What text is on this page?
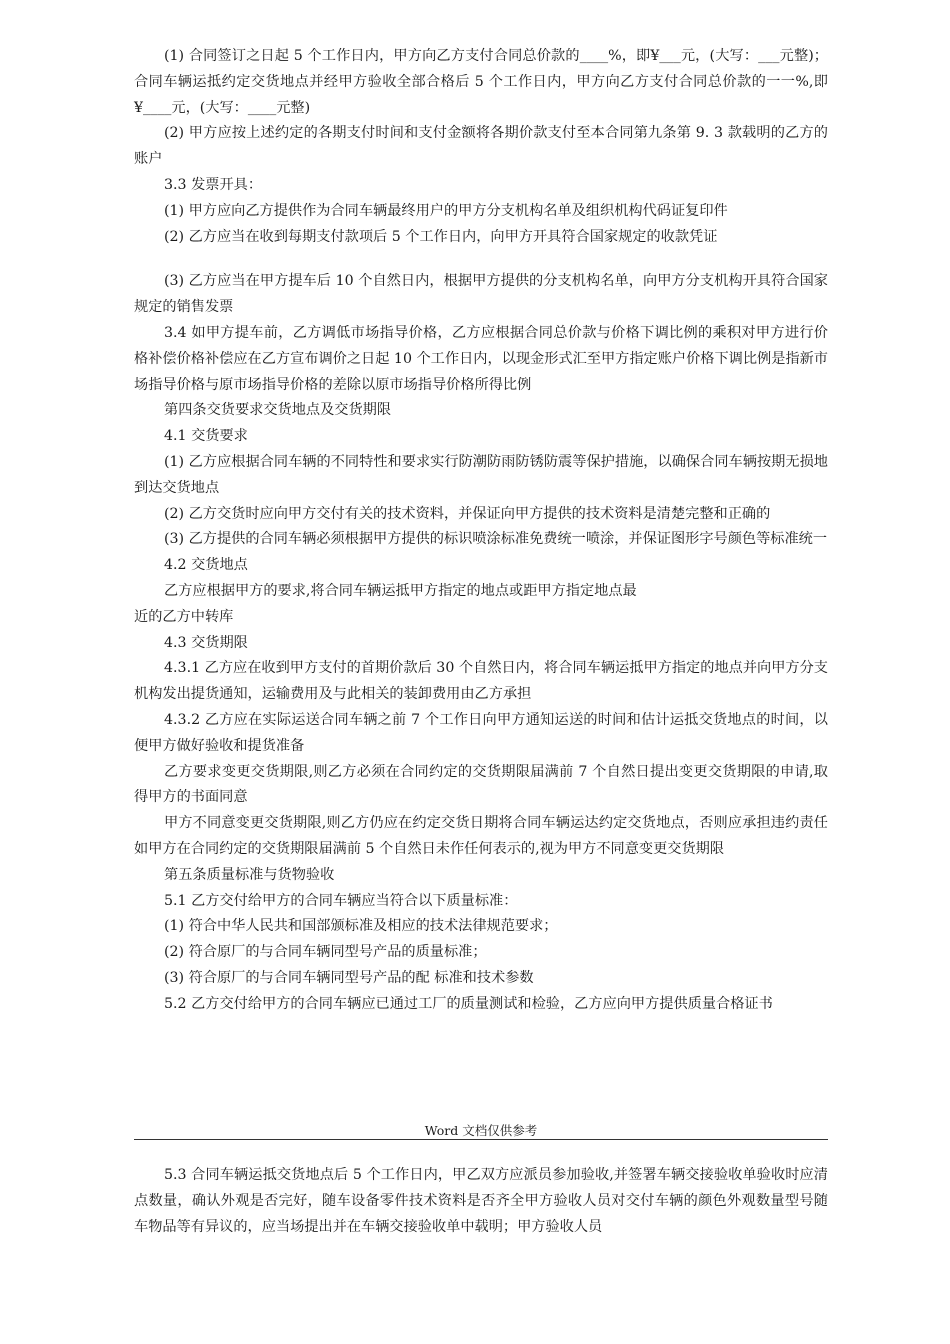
(1) 合同签订之日起 5 个工作日内，甲方向乙方支付合同总价款的____%，即¥___元，(大写：___元整)；合同车辆运抵约定交货地点并经甲方验收全部合格后 5 个工作日内，甲方向乙方支付合同总价款的一一%,即¥____元，(大写：____元整)

(2) 甲方应按上述约定的各期支付时间和支付金额将各期价款支付至本合同第九条第 9. 3 款载明的乙方的账户

3.3 发票开具：

(1) 甲方应向乙方提供作为合同车辆最终用户的甲方分支机构名单及组织机构代码证复印件

(2) 乙方应当在收到每期支付款项后 5 个工作日内，向甲方开具符合国家规定的收款凭证

(3) 乙方应当在甲方提车后 10 个自然日内，根据甲方提供的分支机构名单，向甲方分支机构开具符合国家规定的销售发票

3.4 如甲方提车前，乙方调低市场指导价格，乙方应根据合同总价款与价格下调比例的乘积对甲方进行价格补偿价格补偿应在乙方宣布调价之日起 10 个工作日内，以现金形式汇至甲方指定账户价格下调比例是指新市场指导价格与原市场指导价格的差除以原市场指导价格所得比例

第四条交货要求交货地点及交货期限

4.1 交货要求

(1) 乙方应根据合同车辆的不同特性和要求实行防潮防雨防锈防震等保护措施，以确保合同车辆按期无损地到达交货地点

(2) 乙方交货时应向甲方交付有关的技术资料，并保证向甲方提供的技术资料是清楚完整和正确的

(3) 乙方提供的合同车辆必须根据甲方提供的标识喷涂标准免费统一喷涂，并保证图形字号颜色等标准统一

4.2 交货地点

乙方应根据甲方的要求,将合同车辆运抵甲方指定的地点或距甲方指定地点最

近的乙方中转库

4.3 交货期限

4.3.1 乙方应在收到甲方支付的首期价款后 30 个自然日内，将合同车辆运抵甲方指定的地点并向甲方分支机构发出提货通知，运输费用及与此相关的装卸费用由乙方承担

4.3.2 乙方应在实际运送合同车辆之前 7 个工作日向甲方通知运送的时间和估计运抵交货地点的时间，以便甲方做好验收和提货准备

乙方要求变更交货期限,则乙方必须在合同约定的交货期限届满前 7 个自然日提出变更交货期限的申请,取得甲方的书面同意

甲方不同意变更交货期限,则乙方仍应在约定交货日期将合同车辆运达约定交货地点，否则应承担违约责任如甲方在合同约定的交货期限届满前 5 个自然日未作任何表示的,视为甲方不同意变更交货期限

第五条质量标准与货物验收

5.1 乙方交付给甲方的合同车辆应当符合以下质量标准：

(1) 符合中华人民共和国部颁标准及相应的技术法律规范要求；

(2) 符合原厂的与合同车辆同型号产品的质量标准；

(3) 符合原厂的与合同车辆同型号产品的配 标准和技术参数

5.2 乙方交付给甲方的合同车辆应已通过工厂的质量测试和检验，乙方应向甲方提供质量合格证书

Word 文档仅供参考

5.3 合同车辆运抵交货地点后 5 个工作日内，甲乙双方应派员参加验收,并签署车辆交接验收单验收时应清点数量，确认外观是否完好，随车设备零件技术资料是否齐全甲方验收人员对交付车辆的颜色外观数量型号随车物品等有异议的，应当场提出并在车辆交接验收单中载明；甲方验收人员
